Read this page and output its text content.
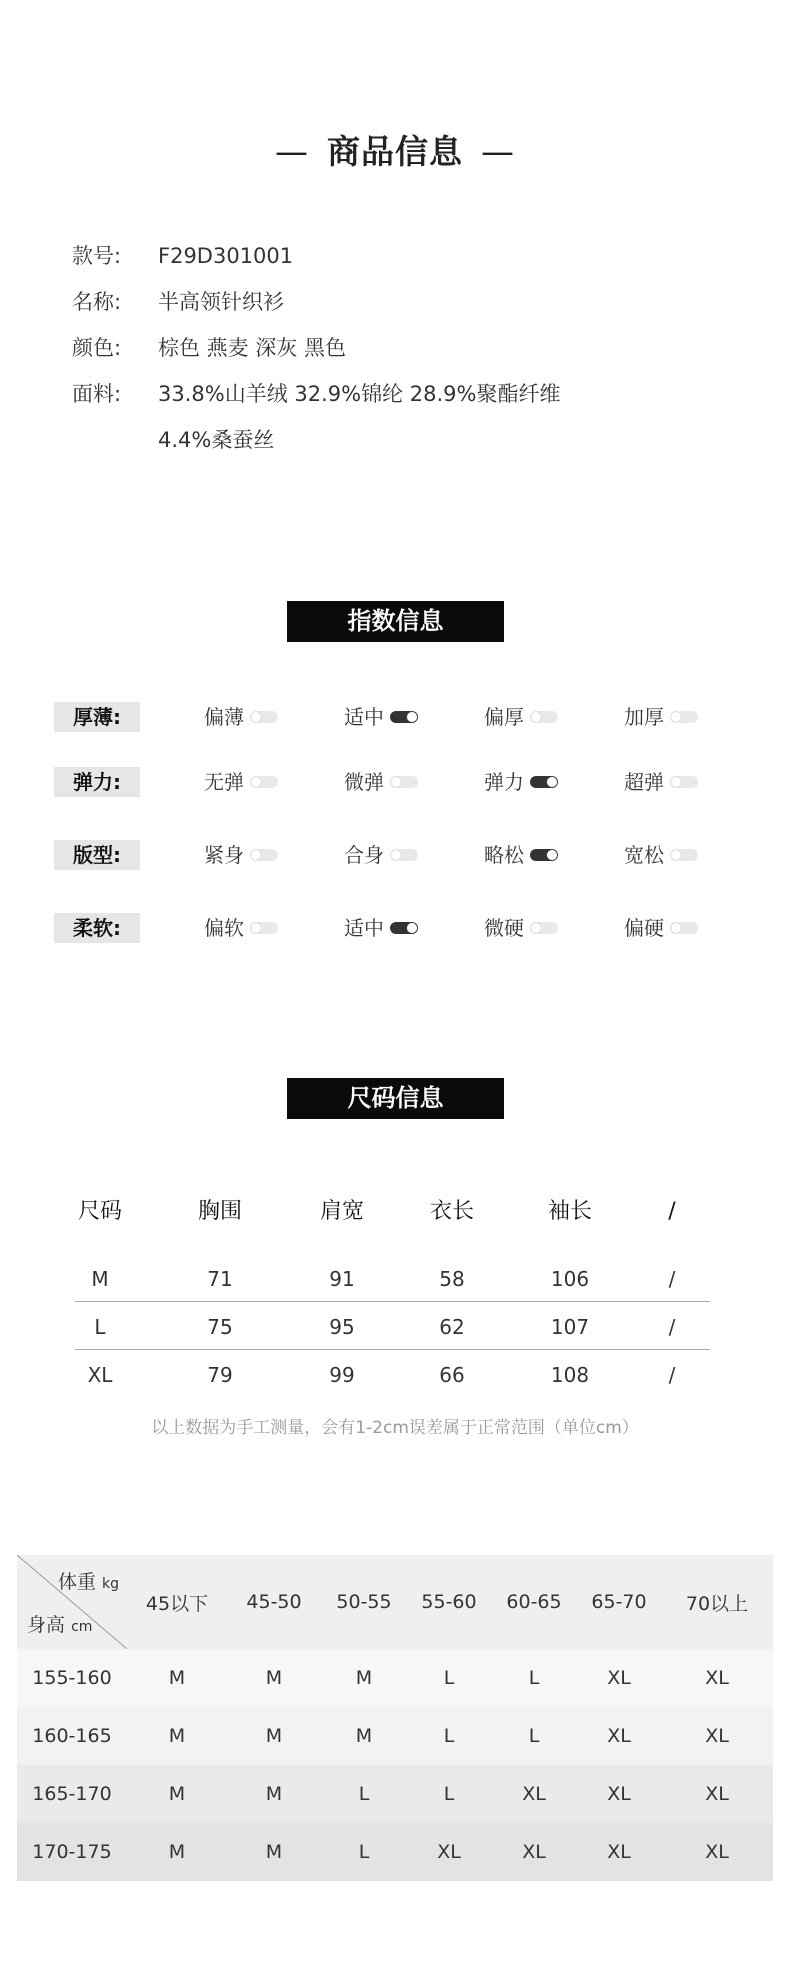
— 商品信息 —
款号: F29D301001
名称: 半高领针织衫
颜色: 棕色 燕麦 深灰 黑色
面料: 33.8%山羊绒 32.9%锦纶 28.9%聚酯纤维
4.4%桑蚕丝
指数信息
厚薄:	偏薄	适中	偏厚	加厚
弹力:	无弹	微弹	弹力	超弹
版型:	紧身	合身	略松	宽松
柔软:	偏软	适中	微硬	偏硬
尺码信息
尺码	胸围	肩宽	衣长	袖长	/
M	71	91	58	106	/
L	75	95	62	107	/
XL	79	99	66	108	/
以上数据为手工测量，会有1-2cm误差属于正常范围（单位cm）
体重 kg
身高 cm	45以下	45-50	50-55	55-60	60-65	65-70	70以上
155-160	M	M	M	L	L	XL	XL
160-165	M	M	M	L	L	XL	XL
165-170	M	M	L	L	XL	XL	XL
170-175	M	M	L	XL	XL	XL	XL
